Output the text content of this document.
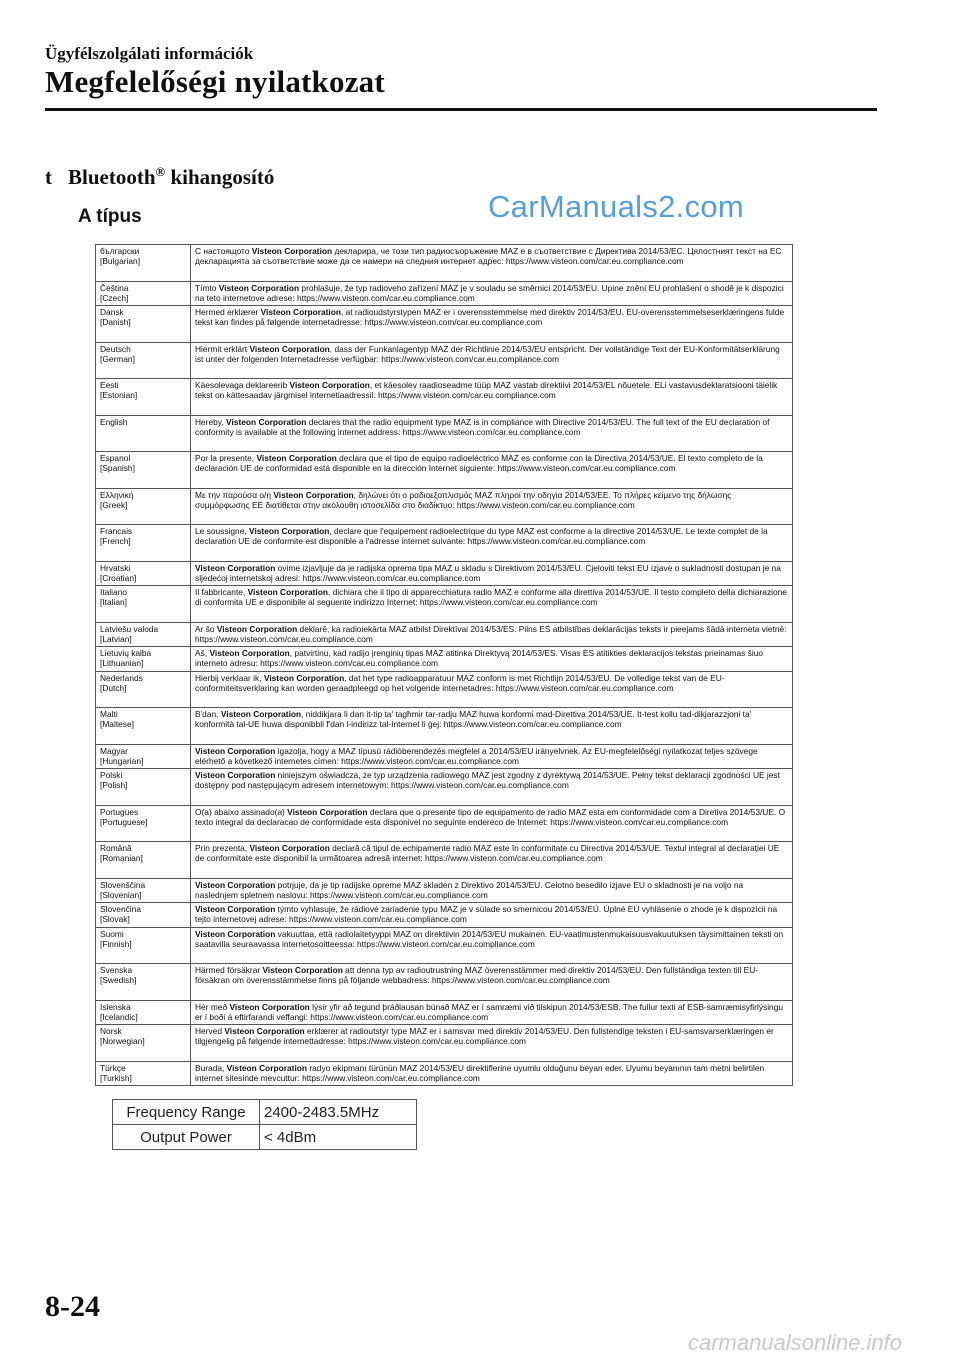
Ügyfélszolgálati információk
Megfelelőségi nyilatkozat
t Bluetooth® kihangosító
A típus	CarManuals2.com
български
[Bulgarian]	С настоящото Visteon Corporation декларира, че този тип радиосъоръжение MAZ е в съответствие с Директива 2014/53/ЕС. Цялостният текст на ЕС декларацията за съответствие може да се намери на следния интернет адрес: https://www.visteon.com/car.eu.compliance.com
Čeština
[Czech]	Tímto Visteon Corporation prohlašuje, že typ radioveho zařízení MAZ je v souladu se směrnicí 2014/53/EU. Upine znění EU prohlašení o shodě je k dispozici na teto internetove adrese: https://www.visteon.com/car.eu.compliance.com
Dansk
[Danish]	Hermed erklærer Visteon Corporation, at radioudstyrstypen MAZ er i overensstemmelse med direktiv 2014/53/EU. EU-overensstemmelseserklæringens fulde tekst kan findes på følgende internetadresse: https://www.visteon.com/car.eu.compliance.com
Deutsch
[German]	Hiermit erklärt Visteon Corporation, dass der Funkanlagentyp MAZ der Richtlinie 2014/53/EU entspricht. Der vollständige Text der EU-Konformitätserklärung ist unter der folgenden Internetadresse verfügbar: https://www.visteon.com/car.eu.compliance.com
Eesti
[Estonian]	Käesolevaga deklareerib Visteon Corporation, et käesolev raadioseadme tüüp MAZ vastab direktiivi 2014/53/EL nõuetele. ELi vastavusdeklaratsiooni täielik tekst on kättesaadav järgmisel internetiaadressil: https://www.visteon.com/car.eu.compliance.com
English	Hereby, Visteon Corporation declares that the radio equipment type MAZ is in compliance with Directive 2014/53/EU. The full text of the EU declaration of conformity is available at the following internet address: https://www.visteon.com/car.eu.compliance.com
Espanol
[Spanish]	Por la presente, Visteon Corporation declara que el tipo de equipo radioeléctrico MAZ es conforme con la Directiva 2014/53/UE. El texto completo de la declaración UE de conformidad está disponible en la dirección Internet siguiente: https://www.visteon.com/car.eu.compliance.com
Ελληνική
[Greek]	Με την παρούσα ο/η Visteon Corporation, δηλώνει ότι ο ραδιοεξοπλισμός MAZ πληροί την οδηγία 2014/53/ΕΕ. Το πλήρες κείμενο της δήλωσης συμμόρφωσης ΕΕ διατίθεται στην ακόλουθη ιστοσελίδα στο διαδίκτυο: https://www.visteon.com/car.eu.compliance.com
Francais
[French]	Le soussigne, Visteon Corporation, declare que l'equipement radioelectrique du type MAZ est conforme a la directive 2014/53/UE. Le texte complet de la declaration UE de conformite est disponible a l'adresse internet suivante: https://www.visteon.com/car.eu.compliance.com
Hrvatski
[Croatian]	Visteon Corporation ovime izjavljuje da je radijska oprema tipa MAZ u skladu s Direktivom 2014/53/EU. Cjeloviti tekst EU izjave o sukladnosti dostupan je na sljedećoj internetskoj adresi: https://www.visteon.com/car.eu.compliance.com
Italiano
[Italian]	Il fabbricante, Visteon Corporation, dichiara che il tipo di apparecchiatura radio MAZ e conforme alla direttiva 2014/53/UE. Il testo completo della dichiarazione di conformita UE e disponibile al seguente indirizzo Internet: https://www.visteon.com/car.eu.compliance.com
Latviešu valoda
[Latvian]	Ar šo Visteon Corporation deklarē, ka radioiekārta MAZ atbilst Direktīvai 2014/53/ES. Pilns ES atbilstības deklarācijas teksts ir pieejams šādā interneta vietnē: https://www.visteon.com/car.eu.compliance.com
Lietuvių kalba
[Lithuanian]	Aš, Visteon Corporation, patvirtinu, kad radijo įrenginių tipas MAZ atitinka Direktyvą 2014/53/ES. Visas ES atitikties deklaracijos tekstas prieinamas šiuo interneto adresu: https://www.visteon.com/car.eu.compliance.com
Nederlands
[Dutch]	Hierbij verklaar ik, Visteon Corporation, dat het type radioapparatuur MAZ conform is met Richtlijn 2014/53/EU. De volledige tekst van de EU-conformiteitsverklaring kan worden geraadpleegd op het volgende internetadres: https://www.visteon.com/car.eu.compliance.com
Malti
[Maltese]	B'dan, Visteon Corporation, niddikjara li dan it-tip ta' tagħmir tar-radju MAZ huwa konformi mad-Direttiva 2014/53/UE. It-test kollu tad-dikjarazzjoni ta' konformità tal-UE huwa disponibbli f'dan l-indirizz tal-Internet li ġej: https://www.visteon.com/car.eu.compliance.com
Magyar
[Hungarian]	Visteon Corporation igazolja, hogy a MAZ típusú rádióberendezés megfelel a 2014/53/EU irányelvnek. Az EU-megfelelőségi nyilatkozat teljes szövege elérhető a következő internetes címen: https://www.visteon.com/car.eu.compliance.com
Polski
[Polish]	Visteon Corporation niniejszym oświadcza, że typ urządzenia radiowego MAZ jest zgodny z dyrektywą 2014/53/UE. Pełny tekst deklaracji zgodności UE jest dostępny pod następującym adresem internetowym: https://www.visteon.com/car.eu.compliance.com
Portugues
[Portuguese]	O(a) abaixo assinado(a) Visteon Corporation declara que o presente tipo de equipamento de radio MAZ esta em conformidade com a Diretiva 2014/53/UE. O texto integral da declaracao de conformidade esta disponivel no seguinte endereco de Internet: https://www.visteon.com/car.eu.compliance.com
Română
[Romanian]	Prin prezenta, Visteon Corporation declară că tipul de echipamente radio MAZ este în conformitate cu Directiva 2014/53/UE. Textul integral al declarației UE de conformitate este disponibil la următoarea adresă internet: https://www.visteon.com/car.eu.compliance.com
Slovenščina
[Slovenian]	Visteon Corporation potrjuje, da je tip radijske opreme MAZ skladen z Direktivo 2014/53/EU. Celotno besedilo izjave EU o skladnosti je na voljo na naslednjem spletnem naslovu: https://www.visteon.com/car.eu.compliance.com
Slovenčina
[Slovak]	Visteon Corporation týmto vyhlasuje, že rádiové zariadenie typu MAZ je v súlade so smernicou 2014/53/EÚ. Úplné EÚ vyhlásenie o zhode je k dispozícii na tejto internetovej adrese: https://www.visteon.com/car.eu.compliance.com
Suomi
[Finnish]	Visteon Corporation vakuuttaa, että radiolaitetyyppi MAZ on direktiivin 2014/53/EU mukainen. EU-vaatimustenmukaisuusvakuutuksen täysimittainen teksti on saatavilla seuraavassa internetosoitteessa: https://www.visteon.com/car.eu.compliance.com
Svenska
[Swedish]	Härmed försäkrar Visteon Corporation att denna typ av radioutrustning MAZ överensstämmer med direktiv 2014/53/EU. Den fullständiga texten till EU-försäkran om överensstämmelse finns på följande webbadress: https://www.visteon.com/car.eu.compliance.com
Islenska
[Icelandic]	Hér með Visteon Corporation lýsir yfir að tegund þráðlausan búnað MAZ er í samræmi við tilskipun 2014/53/ESB. The fullur texti af ESB-samræmisyfirlýsingu er í boði á eftirfarandi veffangi: https://www.visteon.com/car.eu.compliance.com
Norsk
[Norwegian]	Herved Visteon Corporation erklærer at radioutstyr type MAZ er i samsvar med direktiv 2014/53/EU. Den fullstendige teksten i EU-samsvarserklæringen er tilgjengelig på følgende internettadresse: https://www.visteon.com/car.eu.compliance.com
Türkçe
[Turkish]	Burada, Visteon Corporation radyo ekipmanı türünün MAZ 2014/53/EU direktiflerine uyumlu olduğunu beyan eder. Uyumu beyanının tam metni belirtilen internet sitesinde mevcuttur: https://www.visteon.com/car.eu.compliance.com
Frequency Range	2400-2483.5MHz
Output Power	< 4dBm
8-24
carmanualsonline.info
